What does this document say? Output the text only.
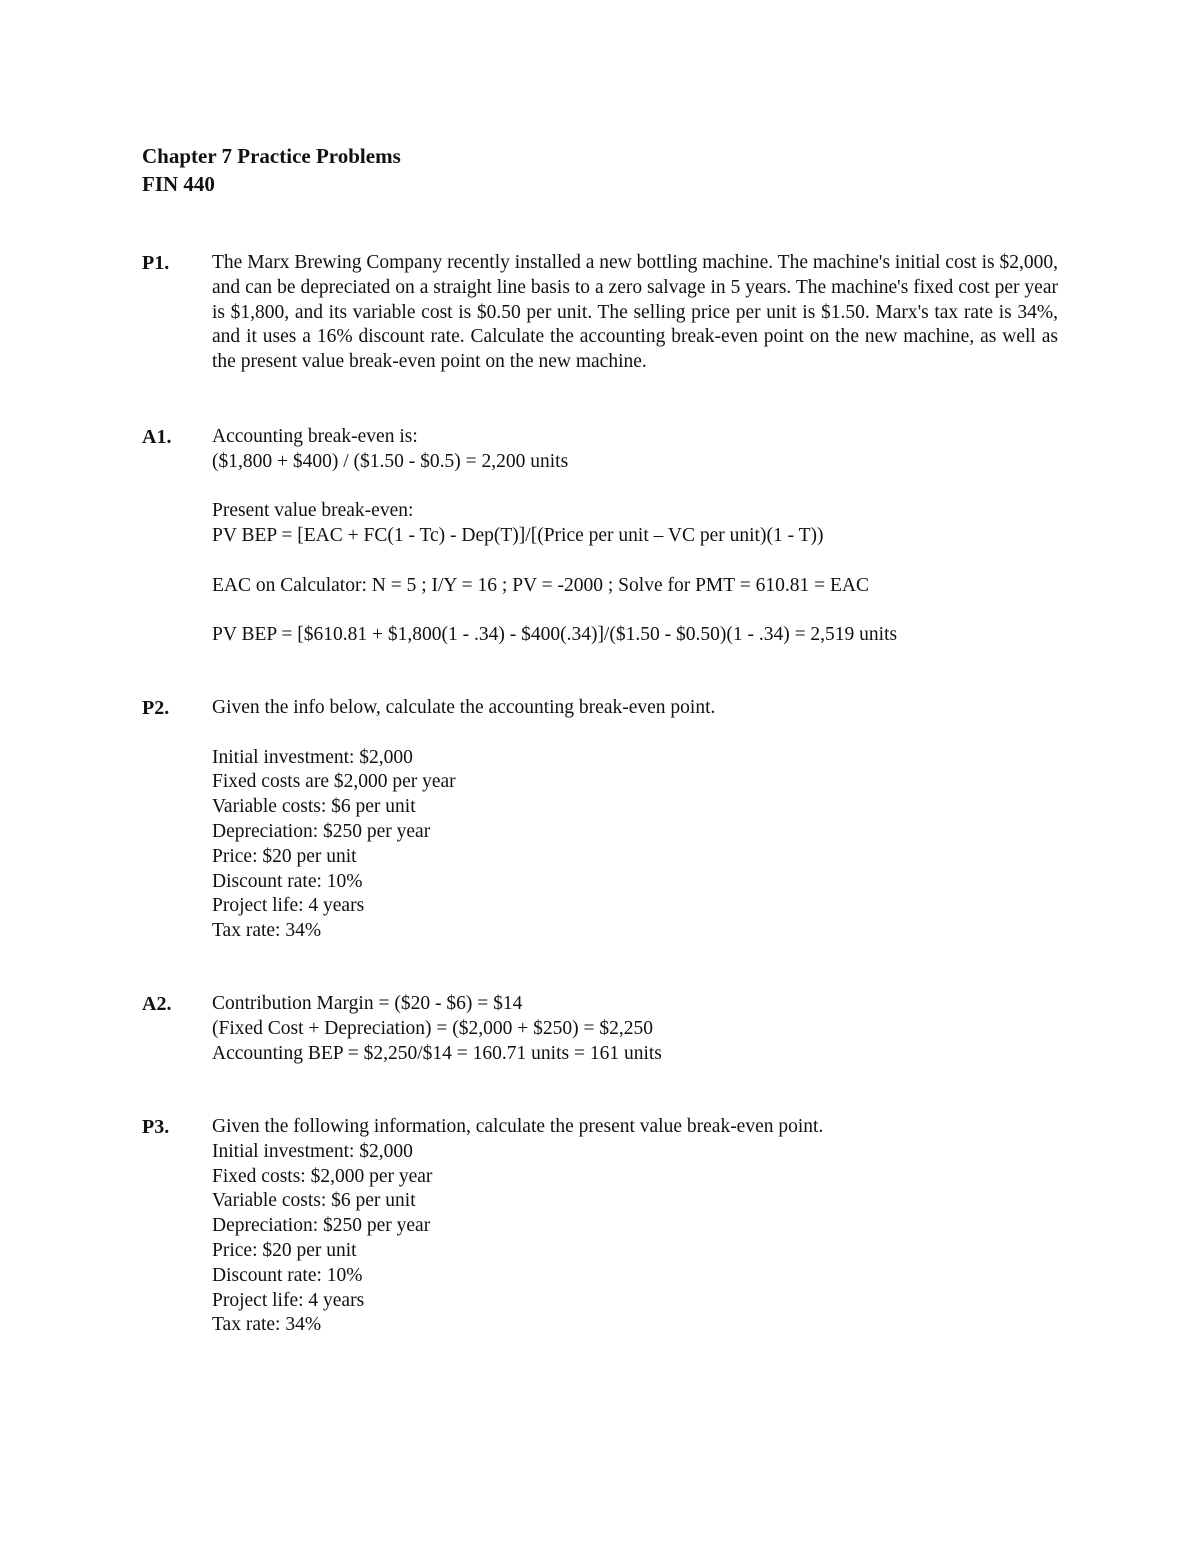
Chapter 7 Practice Problems
FIN 440
P1. The Marx Brewing Company recently installed a new bottling machine. The machine's initial cost is $2,000, and can be depreciated on a straight line basis to a zero salvage in 5 years. The machine's fixed cost per year is $1,800, and its variable cost is $0.50 per unit. The selling price per unit is $1.50. Marx's tax rate is 34%, and it uses a 16% discount rate. Calculate the accounting break-even point on the new machine, as well as the present value break-even point on the new machine.
A1. Accounting break-even is:
($1,800 + $400) / ($1.50 - $0.5) = 2,200 units
Present value break-even:
PV BEP = [EAC + FC(1 - Tc) - Dep(T)]/[(Price per unit – VC per unit)(1 - T))
EAC on Calculator: N = 5 ; I/Y = 16 ; PV = -2000 ; Solve for PMT = 610.81 = EAC
PV BEP = [$610.81 + $1,800(1 - .34) - $400(.34)]/($1.50 - $0.50)(1 - .34) = 2,519 units
P2. Given the info below, calculate the accounting break-even point.
Initial investment: $2,000
Fixed costs are $2,000 per year
Variable costs: $6 per unit
Depreciation: $250 per year
Price: $20 per unit
Discount rate: 10%
Project life: 4 years
Tax rate: 34%
A2. Contribution Margin = ($20 - $6) = $14
(Fixed Cost + Depreciation) = ($2,000 + $250) = $2,250
Accounting BEP = $2,250/$14 = 160.71 units = 161 units
P3. Given the following information, calculate the present value break-even point.
Initial investment: $2,000
Fixed costs: $2,000 per year
Variable costs: $6 per unit
Depreciation: $250 per year
Price: $20 per unit
Discount rate: 10%
Project life: 4 years
Tax rate: 34%
